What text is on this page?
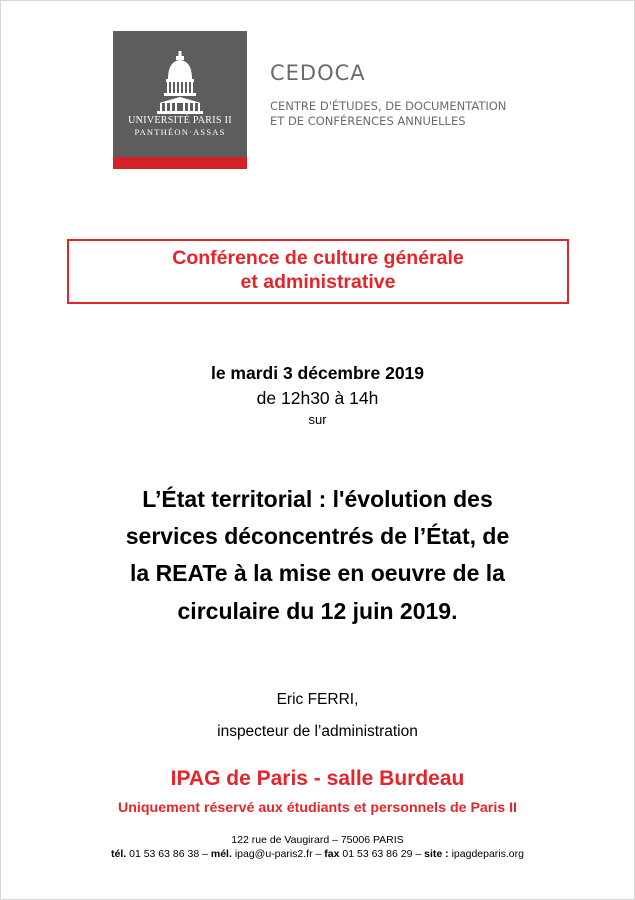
UNIVERSITÉ PARIS II
PANTHÉON·ASSAS
CEDOCA
CENTRE D'ÉTUDES, DE DOCUMENTATION
ET DE CONFÉRENCES ANNUELLES
Conférence de culture générale
et administrative
le mardi 3 décembre 2019
de 12h30 à 14h
sur
L’État territorial : l'évolution des
services déconcentrés de l’État, de
la REATe à la mise en oeuvre de la
circulaire du 12 juin 2019.
Eric FERRI,
inspecteur de l’administration
IPAG de Paris - salle Burdeau
Uniquement réservé aux étudiants et personnels de Paris II
122 rue de Vaugirard – 75006 PARIS
tél. 01 53 63 86 38 – mél. ipag@u-paris2.fr – fax 01 53 63 86 29 – site : ipagdeparis.org
